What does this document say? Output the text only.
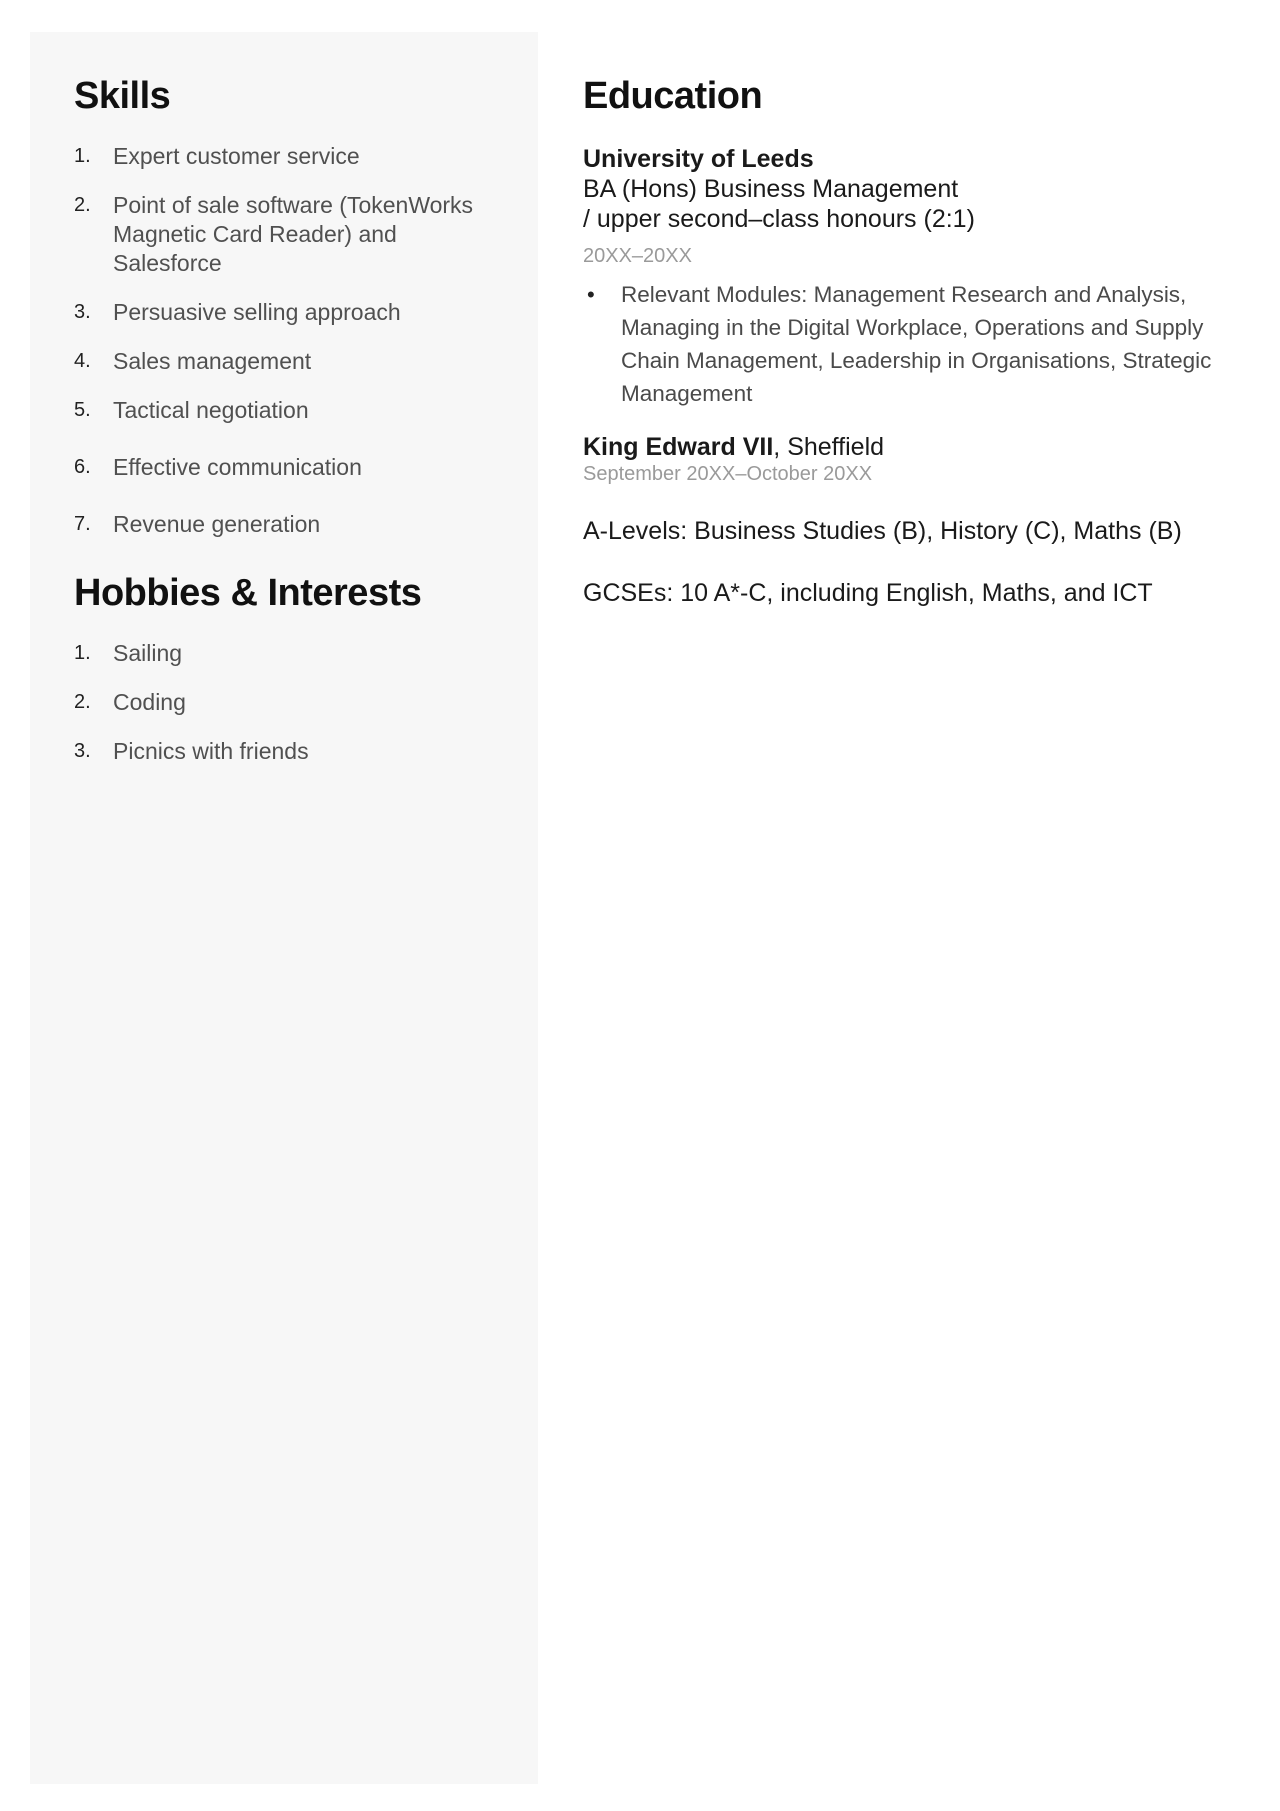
Skills
1. Expert customer service
2. Point of sale software (TokenWorks Magnetic Card Reader) and Salesforce
3. Persuasive selling approach
4. Sales management
5. Tactical negotiation
6. Effective communication
7. Revenue generation
Hobbies & Interests
1. Sailing
2. Coding
3. Picnics with friends
Education
University of Leeds
BA (Hons) Business Management
/ upper second–class honours (2:1)
20XX–20XX
•	Relevant Modules: Management Research and Analysis, Managing in the Digital Workplace, Operations and Supply Chain Management, Leadership in Organisations, Strategic Management
King Edward VII, Sheffield
September 20XX–October 20XX
A-Levels: Business Studies (B), History (C), Maths (B)
GCSEs: 10 A*-C, including English, Maths, and ICT
